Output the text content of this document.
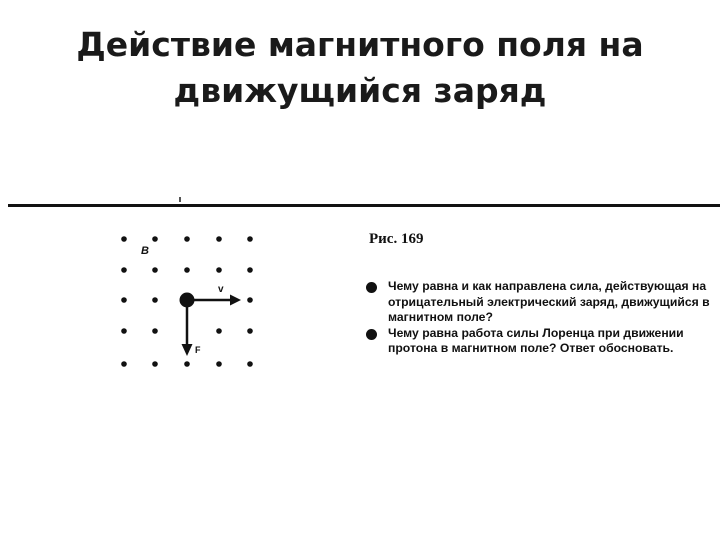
Действие магнитного поля на
движущийся заряд
B
v
F
Рис. 169
Чему равна и как направлена сила, действующая на отрицательный электрический заряд, движущийся в магнитном поле?
Чему равна работа силы Лоренца при движении протона в магнитном поле? Ответ обосновать.
